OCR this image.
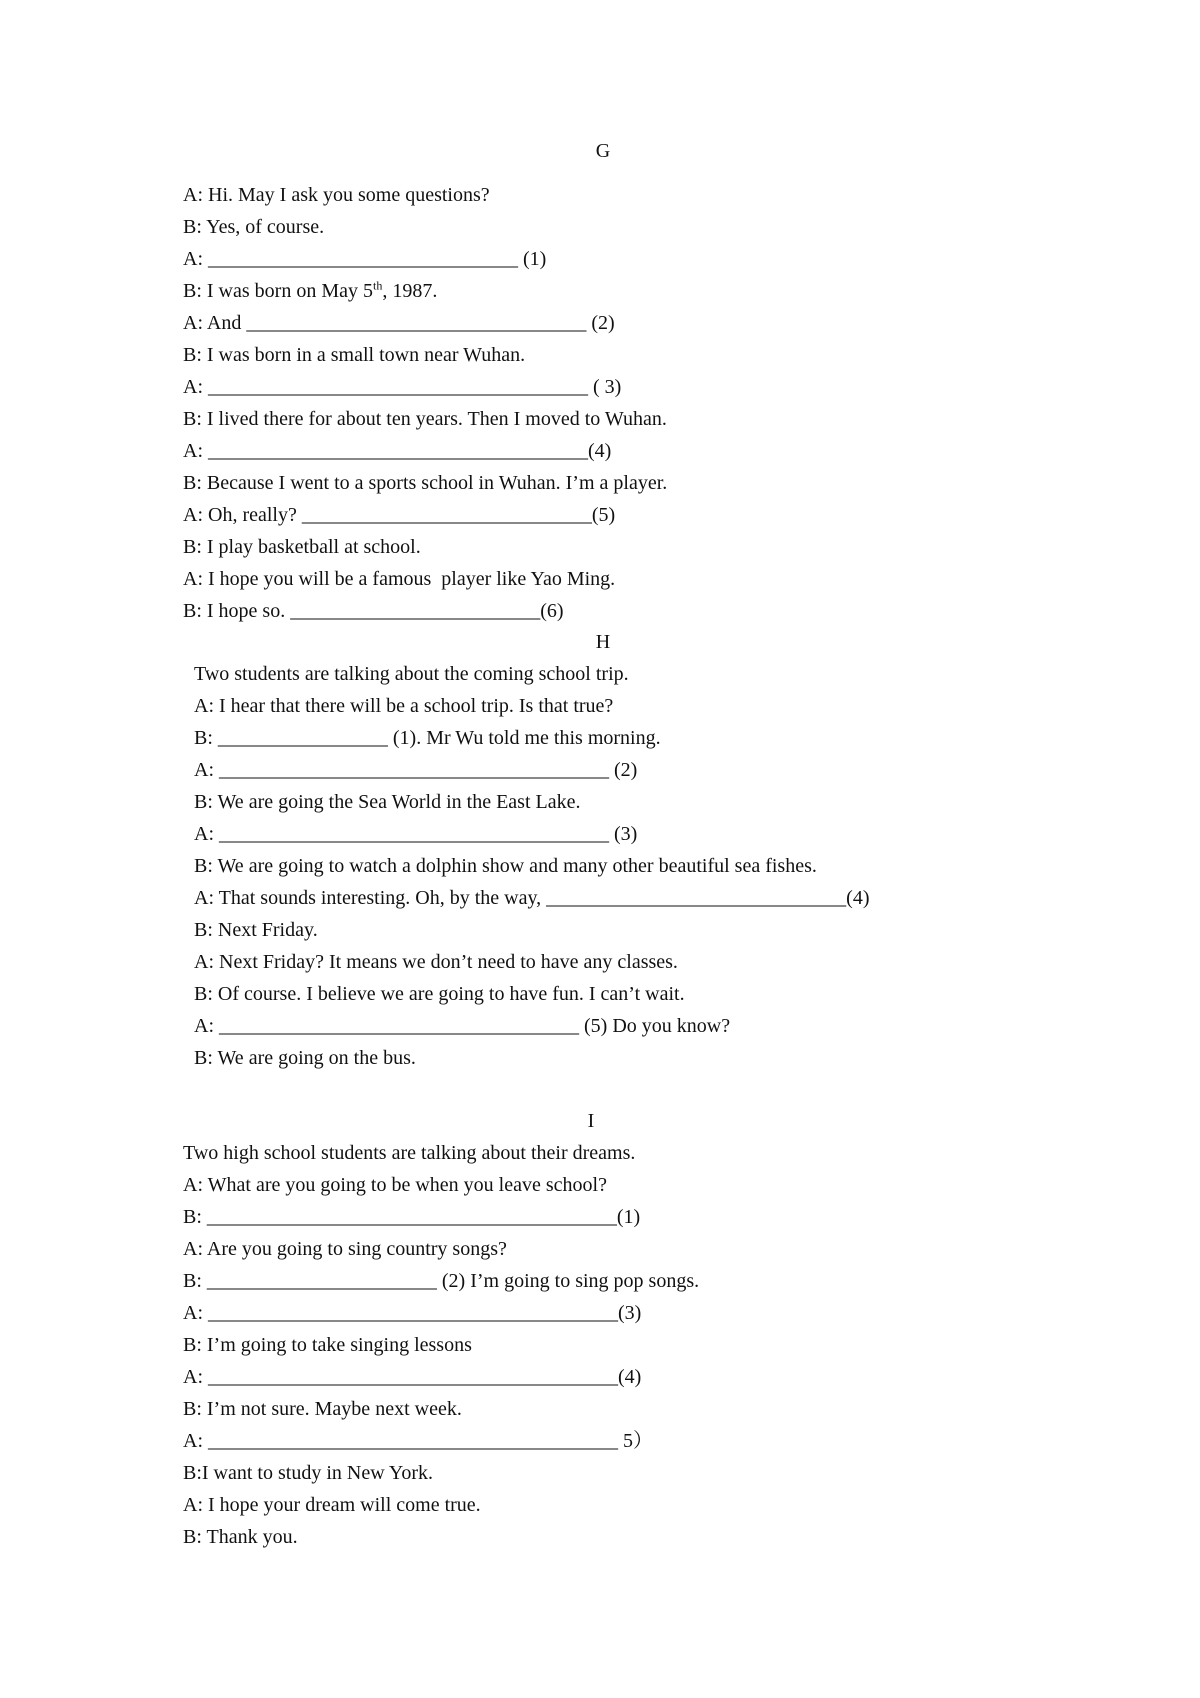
G
A: Hi. May I ask you some questions?
B: Yes, of course.
A: _______________________________ (1)
B: I was born on May 5th, 1987.
A: And __________________________________ (2)
B: I was born in a small town near Wuhan.
A: ______________________________________ ( 3)
B: I lived there for about ten years. Then I moved to Wuhan.
A: ______________________________________(4)
B: Because I went to a sports school in Wuhan. I’m a player.
A: Oh, really? _____________________________(5)
B: I play basketball at school.
A: I hope you will be a famous  player like Yao Ming.
B: I hope so. _________________________(6)
H
Two students are talking about the coming school trip.
A: I hear that there will be a school trip. Is that true?
B: _________________ (1). Mr Wu told me this morning.
A: _______________________________________ (2)
B: We are going the Sea World in the East Lake.
A: _______________________________________ (3)
B: We are going to watch a dolphin show and many other beautiful sea fishes.
A: That sounds interesting. Oh, by the way, ______________________________(4)
B: Next Friday.
A: Next Friday? It means we don’t need to have any classes.
B: Of course. I believe we are going to have fun. I can’t wait.
A: ____________________________________ (5) Do you know?
B: We are going on the bus.
I
Two high school students are talking about their dreams.
A: What are you going to be when you leave school?
B: _________________________________________(1)
A: Are you going to sing country songs?
B: _______________________ (2) I’m going to sing pop songs.
A: _________________________________________(3)
B: I’m going to take singing lessons
A: _________________________________________(4)
B: I’m not sure. Maybe next week.
A: _________________________________________ 5）
B:I want to study in New York.
A: I hope your dream will come true.
B: Thank you.
